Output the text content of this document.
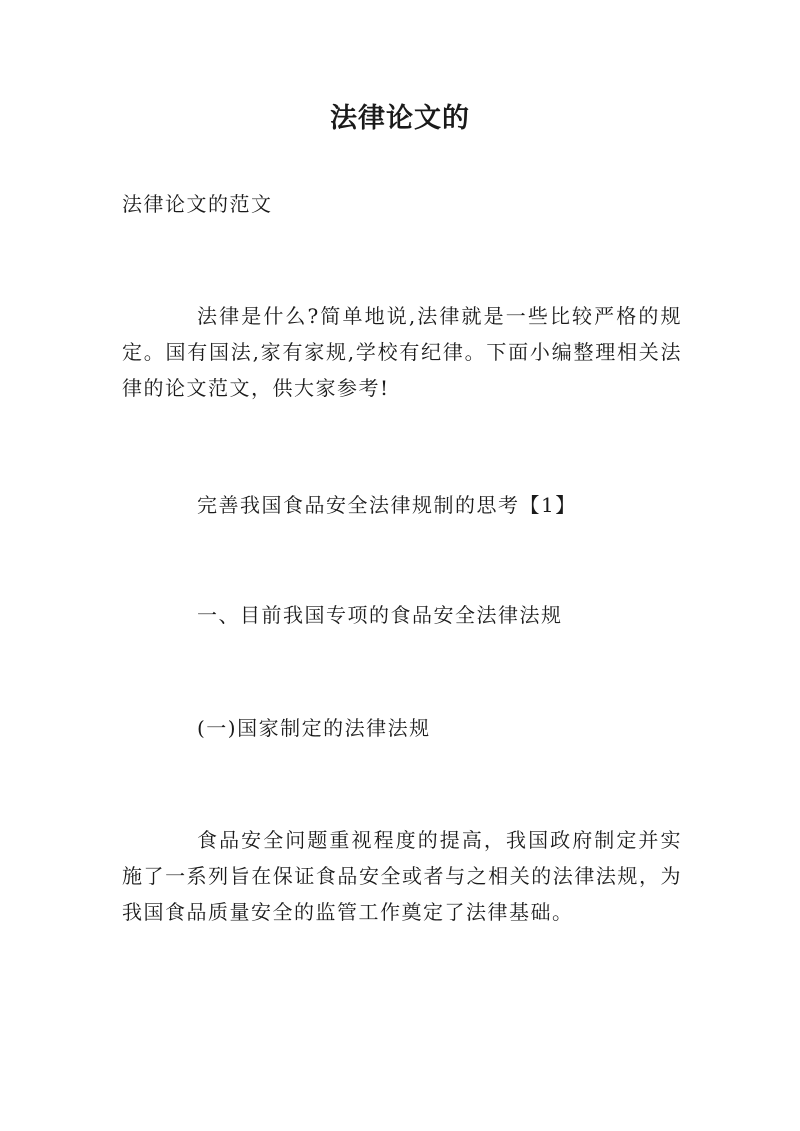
法律论文的

法律论文的范文

法律是什么?简单地说,法律就是一些比较严格的规定。国有国法,家有家规,学校有纪律。下面小编整理相关法律的论文范文，供大家参考!

完善我国食品安全法律规制的思考【1】

一、目前我国专项的食品安全法律法规

(一)国家制定的法律法规

食品安全问题重视程度的提高，我国政府制定并实施了一系列旨在保证食品安全或者与之相关的法律法规，为我国食品质量安全的监管工作奠定了法律基础。
